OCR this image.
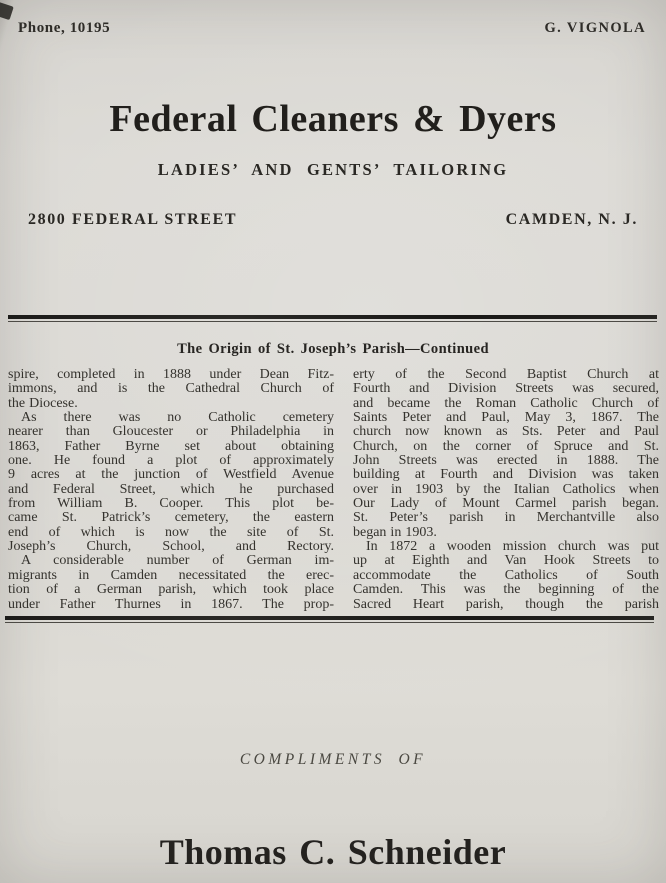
Phone, 10195	G. VIGNOLA
Federal Cleaners & Dyers
LADIES’ AND GENTS’ TAILORING
2800 FEDERAL STREET	CAMDEN, N. J.
The Origin of St. Joseph’s Parish—Continued
spire, completed in 1888 under Dean Fitz-
immons, and is the Cathedral Church of
the Diocese.
As there was no Catholic cemetery
nearer than Gloucester or Philadelphia in
1863, Father Byrne set about obtaining
one. He found a plot of approximately
9 acres at the junction of Westfield Avenue
and Federal Street, which he purchased
from William B. Cooper. This plot be-
came St. Patrick’s cemetery, the eastern
end of which is now the site of St.
Joseph’s Church, School, and Rectory.
A considerable number of German im-
migrants in Camden necessitated the erec-
tion of a German parish, which took place
under Father Thurnes in 1867. The prop-
erty of the Second Baptist Church at
Fourth and Division Streets was secured,
and became the Roman Catholic Church of
Saints Peter and Paul, May 3, 1867. The
church now known as Sts. Peter and Paul
Church, on the corner of Spruce and St.
John Streets was erected in 1888. The
building at Fourth and Division was taken
over in 1903 by the Italian Catholics when
Our Lady of Mount Carmel parish began.
St. Peter’s parish in Merchantville also
began in 1903.
In 1872 a wooden mission church was put
up at Eighth and Van Hook Streets to
accommodate the Catholics of South
Camden. This was the beginning of the
Sacred Heart parish, though the parish
COMPLIMENTS OF
Thomas C. Schneider
